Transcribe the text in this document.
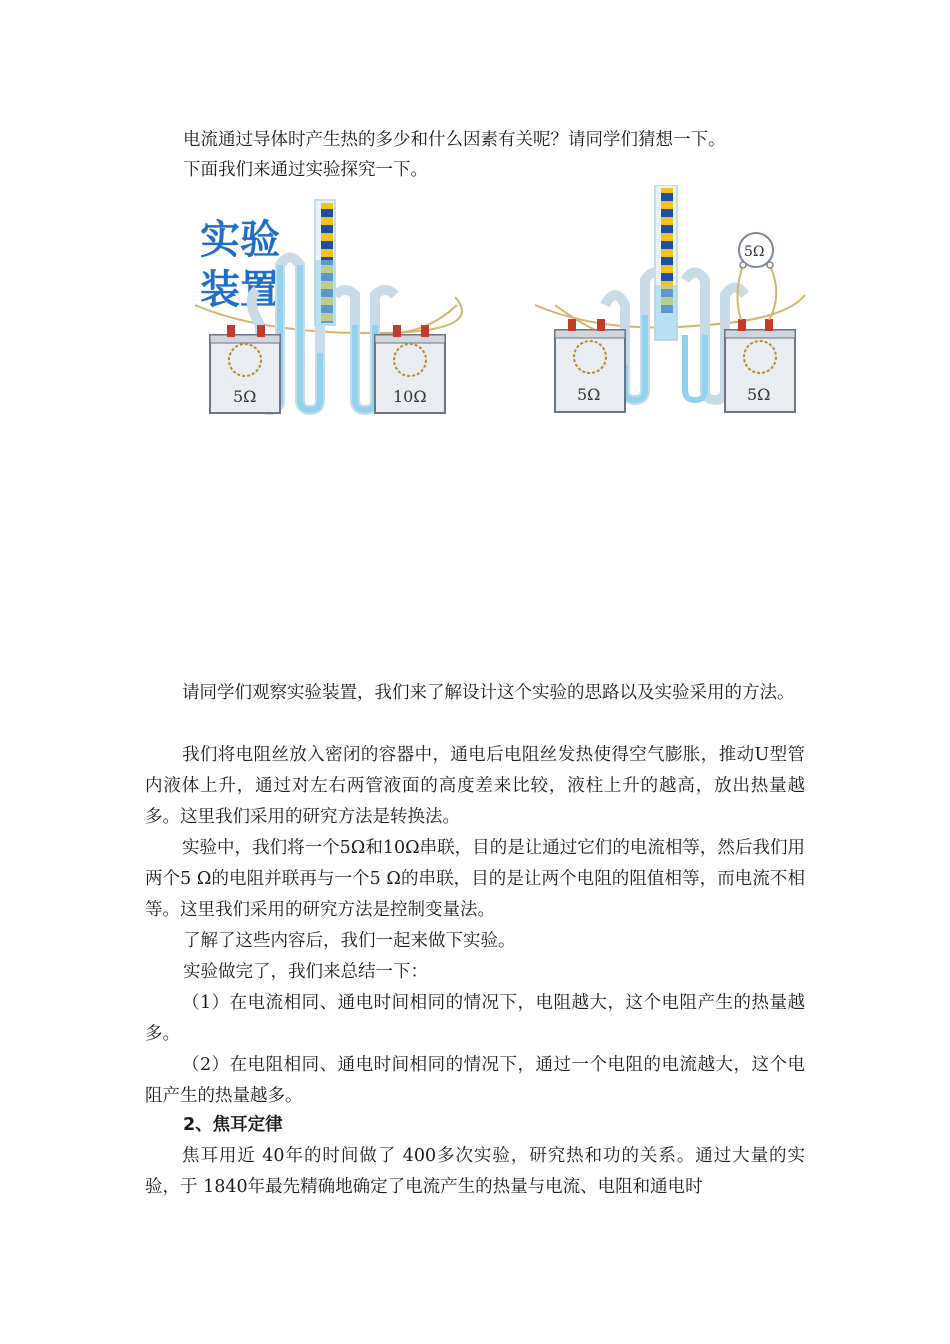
电流通过导体时产生热的多少和什么因素有关呢？请同学们猜想一下。

下面我们来通过实验探究一下。

实验
装置
5Ω	10Ω	5Ω	5Ω
5Ω

请同学们观察实验装置，我们来了解设计这个实验的思路以及实验采用的方法。

我们将电阻丝放入密闭的容器中，通电后电阻丝发热使得空气膨胀，推动U型管内液体上升，通过对左右两管液面的高度差来比较，液柱上升的越高，放出热量越多。这里我们采用的研究方法是转换法。

实验中，我们将一个5Ω和10Ω串联，目的是让通过它们的电流相等，然后我们用两个5 Ω的电阻并联再与一个5 Ω的串联，目的是让两个电阻的阻值相等，而电流不相等。这里我们采用的研究方法是控制变量法。

了解了这些内容后，我们一起来做下实验。

实验做完了，我们来总结一下：

（1）在电流相同、通电时间相同的情况下，电阻越大，这个电阻产生的热量越多。

（2）在电阻相同、通电时间相同的情况下，通过一个电阻的电流越大，这个电阻产生的热量越多。

2、焦耳定律

焦耳用近 40年的时间做了 400多次实验，研究热和功的关系。通过大量的实验，于 1840年最先精确地确定了电流产生的热量与电流、电阻和通电时
